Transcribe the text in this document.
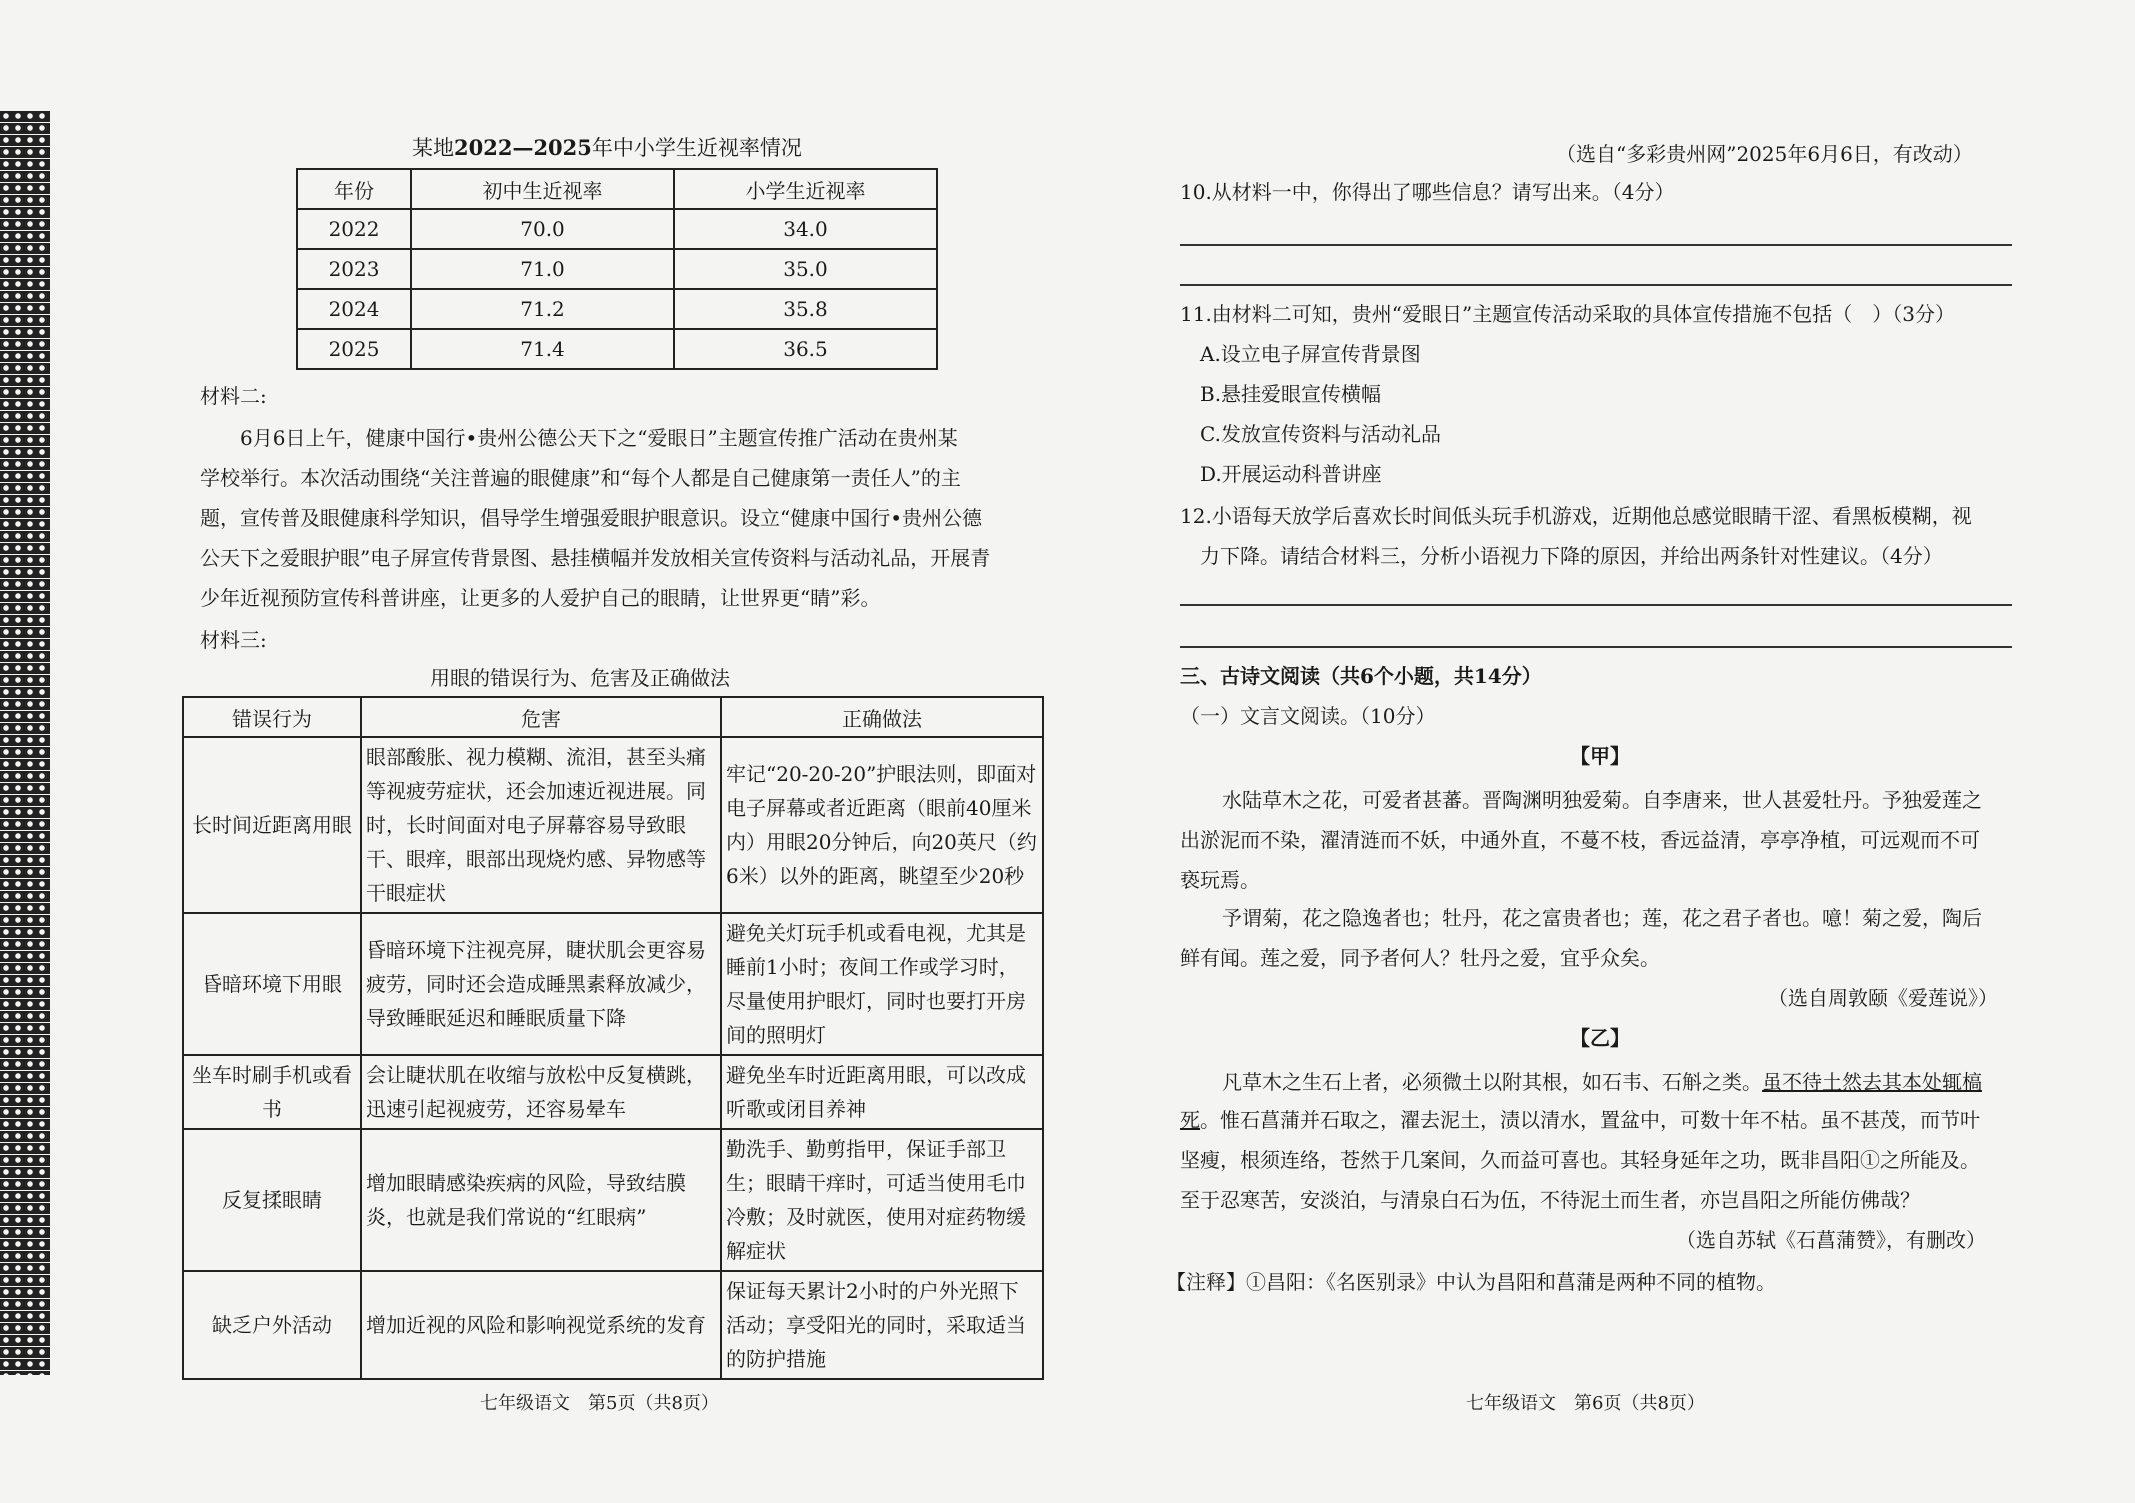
某地2022—2025年中小学生近视率情况
年份	初中生近视率	小学生近视率
2022	70.0	34.0
2023	71.0	35.0
2024	71.2	35.8
2025	71.4	36.5
材料二:
6月6日上午，健康中国行•贵州公德公天下之“爱眼日”主题宣传推广活动在贵州某
学校举行。本次活动围绕“关注普遍的眼健康”和“每个人都是自己健康第一责任人”的主
题，宣传普及眼健康科学知识，倡导学生增强爱眼护眼意识。设立“健康中国行•贵州公德
公天下之爱眼护眼”电子屏宣传背景图、悬挂横幅并发放相关宣传资料与活动礼品，开展青
少年近视预防宣传科普讲座，让更多的人爱护自己的眼睛，让世界更“睛”彩。
材料三:
用眼的错误行为、危害及正确做法
错误行为	危害	正确做法
长时间近距离用眼	眼部酸胀、视力模糊、流泪，甚至头痛等视疲劳症状，还会加速近视进展。同时，长时间面对电子屏幕容易导致眼干、眼痒，眼部出现烧灼感、异物感等干眼症状	牢记“20-20-20”护眼法则，即面对电子屏幕或者近距离（眼前40厘米内）用眼20分钟后，向20英尺（约6米）以外的距离，眺望至少20秒
昏暗环境下用眼	昏暗环境下注视亮屏，睫状肌会更容易疲劳，同时还会造成睡黑素释放减少，导致睡眠延迟和睡眠质量下降	避免关灯玩手机或看电视，尤其是睡前1小时；夜间工作或学习时，尽量使用护眼灯，同时也要打开房间的照明灯
坐车时刷手机或看书	会让睫状肌在收缩与放松中反复横跳，迅速引起视疲劳，还容易晕车	避免坐车时近距离用眼，可以改成听歌或闭目养神
反复揉眼睛	增加眼睛感染疾病的风险，导致结膜炎，也就是我们常说的“红眼病”	勤洗手、勤剪指甲，保证手部卫生；眼睛干痒时，可适当使用毛巾冷敷；及时就医，使用对症药物缓解症状
缺乏户外活动	增加近视的风险和影响视觉系统的发育	保证每天累计2小时的户外光照下活动；享受阳光的同时，采取适当的防护措施
七年级语文　第5页（共8页）
（选自“多彩贵州网”2025年6月6日，有改动）
10.从材料一中，你得出了哪些信息？请写出来。（4分）
11.由材料二可知，贵州“爱眼日”主题宣传活动采取的具体宣传措施不包括（　）（3分）
A.设立电子屏宣传背景图
B.悬挂爱眼宣传横幅
C.发放宣传资料与活动礼品
D.开展运动科普讲座
12.小语每天放学后喜欢长时间低头玩手机游戏，近期他总感觉眼睛干涩、看黑板模糊，视
力下降。请结合材料三，分析小语视力下降的原因，并给出两条针对性建议。（4分）
三、古诗文阅读（共6个小题，共14分）
（一）文言文阅读。（10分）
【甲】
水陆草木之花，可爱者甚蕃。晋陶渊明独爱菊。自李唐来，世人甚爱牡丹。予独爱莲之
出淤泥而不染，濯清涟而不妖，中通外直，不蔓不枝，香远益清，亭亭净植，可远观而不可
亵玩焉。
予谓菊，花之隐逸者也；牡丹，花之富贵者也；莲，花之君子者也。噫！菊之爱，陶后
鲜有闻。莲之爱，同予者何人？牡丹之爱，宜乎众矣。
（选自周敦颐《爱莲说》）
【乙】
凡草木之生石上者，必须微土以附其根，如石韦、石斛之类。虽不待土然去其本处辄槁
死。惟石菖蒲并石取之，濯去泥土，渍以清水，置盆中，可数十年不枯。虽不甚茂，而节叶
坚瘦，根须连络，苍然于几案间，久而益可喜也。其轻身延年之功，既非昌阳①之所能及。
至于忍寒苦，安淡泊，与清泉白石为伍，不待泥土而生者，亦岂昌阳之所能仿佛哉？
（选自苏轼《石菖蒲赞》，有删改）
【注释】①昌阳：《名医别录》中认为昌阳和菖蒲是两种不同的植物。
七年级语文　第6页（共8页）
